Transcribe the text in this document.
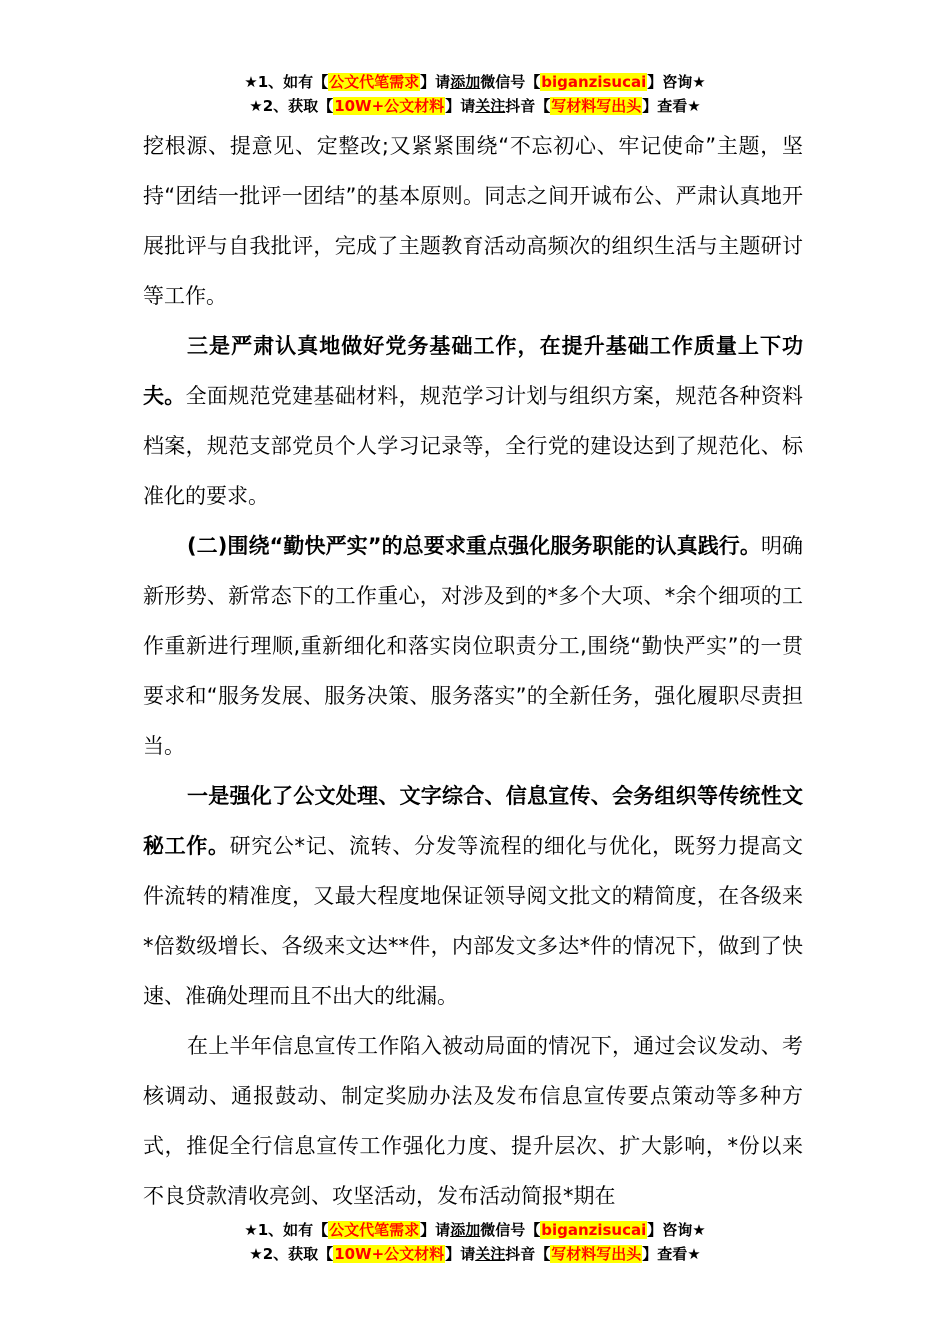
★1、如有【公文代笔需求】请添加微信号【biganzisucai】咨询★
★2、获取【10W+公文材料】请关注抖音【写材料写出头】查看★

挖根源、提意见、定整改;又紧紧围绕“不忘初心、牢记使命”主题，坚持“团结一批评一团结”的基本原则。同志之间开诚布公、严肃认真地开展批评与自我批评，完成了主题教育活动高频次的组织生活与主题研讨等工作。

三是严肃认真地做好党务基础工作，在提升基础工作质量上下功夫。全面规范党建基础材料，规范学习计划与组织方案，规范各种资料档案，规范支部党员个人学习记录等，全行党的建设达到了规范化、标准化的要求。

(二)围绕“勤快严实”的总要求重点强化服务职能的认真践行。明确新形势、新常态下的工作重心，对涉及到的*多个大项、*余个细项的工作重新进行理顺,重新细化和落实岗位职责分工,围绕“勤快严实”的一贯要求和“服务发展、服务决策、服务落实”的全新任务，强化履职尽责担当。

一是强化了公文处理、文字综合、信息宣传、会务组织等传统性文秘工作。研究公*记、流转、分发等流程的细化与优化，既努力提高文件流转的精准度，又最大程度地保证领导阅文批文的精简度，在各级来*倍数级增长、各级来文达**件，内部发文多达*件的情况下，做到了快速、准确处理而且不出大的纰漏。

在上半年信息宣传工作陷入被动局面的情况下，通过会议发动、考核调动、通报鼓动、制定奖励办法及发布信息宣传要点策动等多种方式，推促全行信息宣传工作强化力度、提升层次、扩大影响，*份以来不良贷款清收亮剑、攻坚活动，发布活动简报*期在

★1、如有【公文代笔需求】请添加微信号【biganzisucai】咨询★
★2、获取【10W+公文材料】请关注抖音【写材料写出头】查看★
